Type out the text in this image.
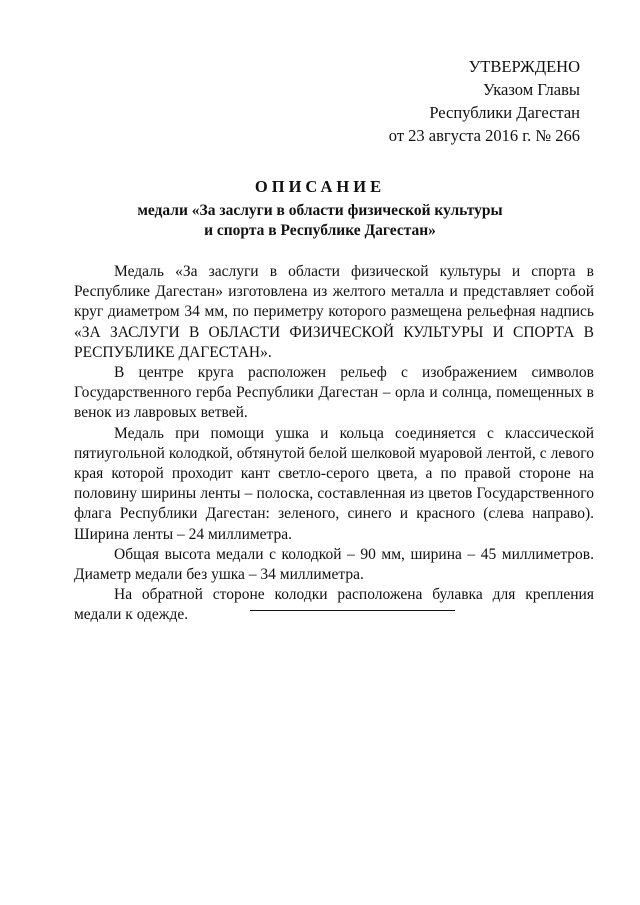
УТВЕРЖДЕНО
Указом Главы
Республики Дагестан
от 23 августа 2016 г. № 266
ОПИСАНИЕ
медали «За заслуги в области физической культуры
и спорта в Республике Дагестан»

Медаль «За заслуги в области физической культуры и спорта в Республике Дагестан» изготовлена из желтого металла и представляет собой круг диаметром 34 мм, по периметру которого размещена рельефная надпись «ЗА ЗАСЛУГИ В ОБЛАСТИ ФИЗИЧЕСКОЙ КУЛЬТУРЫ И СПОРТА В РЕСПУБЛИКЕ ДАГЕСТАН».

В центре круга расположен рельеф с изображением символов Государственного герба Республики Дагестан – орла и солнца, помещенных в венок из лавровых ветвей.

Медаль при помощи ушка и кольца соединяется с классической пятиугольной колодкой, обтянутой белой шелковой муаровой лентой, с левого края которой проходит кант светло-серого цвета, а по правой стороне на половину ширины ленты – полоска, составленная из цветов Государственного флага Республики Дагестан: зеленого, синего и красного (слева направо). Ширина ленты – 24 миллиметра.

Общая высота медали с колодкой – 90 мм, ширина – 45 миллиметров. Диаметр медали без ушка – 34 миллиметра.

На обратной стороне колодки расположена булавка для крепления медали к одежде.
